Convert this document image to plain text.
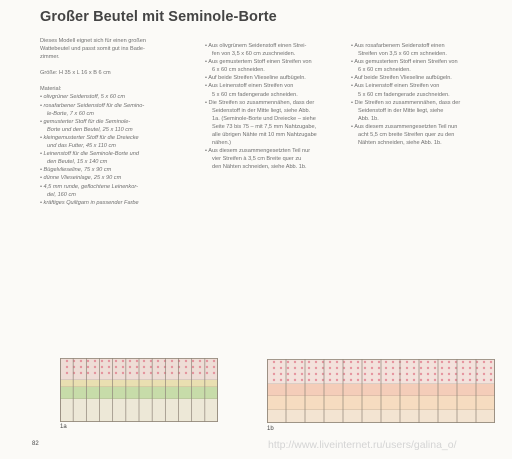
Großer Beutel mit Seminole-Borte

Dieses Modell eignet sich für einen großen

Wattebeutel und passt somit gut ins Bade-

zimmer.

Größe: H 35 x L 16 x B 6 cm

Material:

• olivgrüner Seidenstoff, 5 x 60 cm

• rosafarbener Seidenstoff für die Semino-

le-Borte, 7 x 60 cm

• gemusterter Stoff für die Seminole-

Borte und den Beutel, 25 x 110 cm

• kleingemusterter Stoff für die Dreiecke

und das Futter, 45 x 110 cm

• Leinenstoff für die Seminole-Borte und

den Beutel, 15 x 140 cm

• Bügelvlieseline, 75 x 90 cm

• dünne Vlieseinlage, 25 x 90 cm

• 4,5 mm runde, geflochtene Leinenkor-

del, 160 cm

• kräftiges Quiltgarn in passender Farbe

• Aus olivgrünem Seidenstoff einen Strei-

fen von 3,5 x 60 cm zuschneiden.

• Aus gemustertem Stoff einen Streifen von

6 x 60 cm schneiden.

• Auf beide Streifen Vlieseline aufbügeln.

• Aus Leinenstoff einen Streifen von

5 x 60 cm fadengerade schneiden.

• Die Streifen so zusammennähen, dass der

Seidenstoff in der Mitte liegt, siehe Abb.

1a. (Seminole-Borte und Dreiecke – siehe

Seite 73 bis 75 – mit 7,5 mm Nahtzugabe,

alle übrigen Nähte mit 10 mm Nahtzugabe

nähen.)

• Aus diesem zusammengesetzten Teil nur

vier Streifen à 3,5 cm Breite quer zu

den Nähten schneiden, siehe Abb. 1b.

• Aus rosafarbenem Seidenstoff einen

Streifen von 3,5 x 60 cm schneiden.

• Aus gemustertem Stoff einen Streifen von

6 x 60 cm schneiden.

• Auf beide Streifen Vlieseline aufbügeln.

• Aus Leinenstoff einen Streifen von

5 x 60 cm fadengerade zuschneiden.

• Die Streifen so zusammennähen, dass der

Seidenstoff in der Mitte liegt, siehe

Abb. 1b.

• Aus diesem zusammengesetzten Teil nun

acht 5,5 cm breite Streifen quer zu den

Nähten schneiden, siehe Abb. 1b.

1a	1b
82	http://www.liveinternet.ru/users/galina_o/
